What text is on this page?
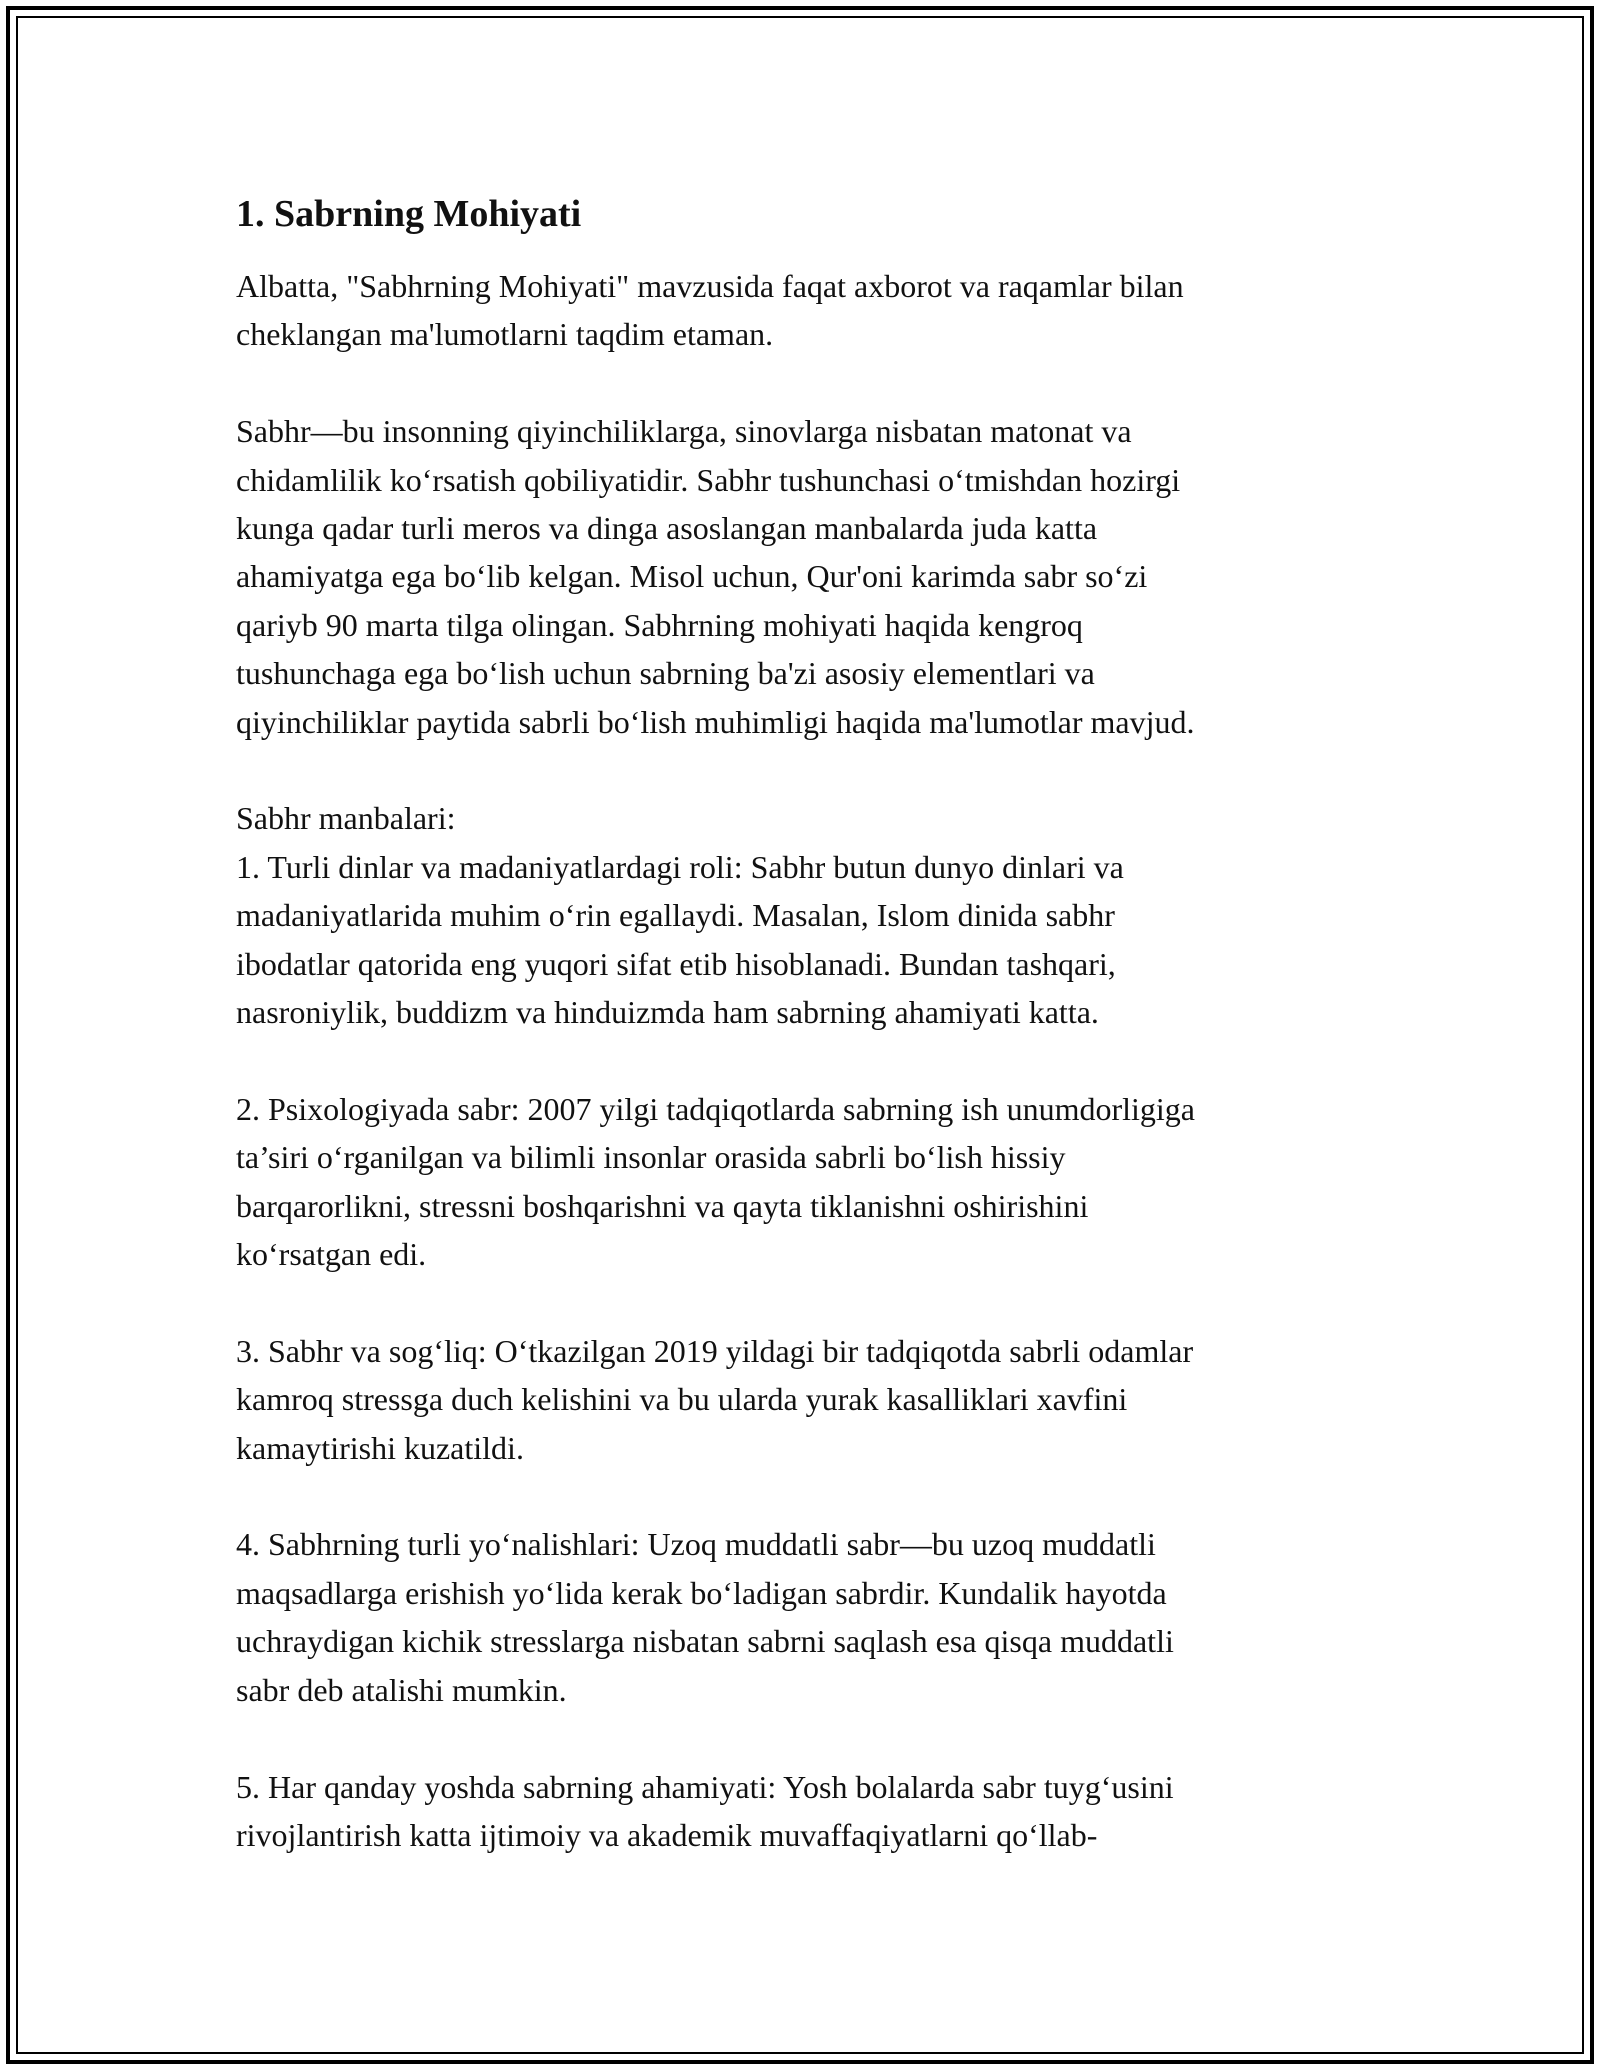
1. Sabrning Mohiyati
Albatta, "Sabhrning Mohiyati" mavzusida faqat axborot va raqamlar bilan
cheklangan ma'lumotlarni taqdim etaman.
Sabhr—bu insonning qiyinchiliklarga, sinovlarga nisbatan matonat va
chidamlilik ko‘rsatish qobiliyatidir. Sabhr tushunchasi o‘tmishdan hozirgi
kunga qadar turli meros va dinga asoslangan manbalarda juda katta
ahamiyatga ega bo‘lib kelgan. Misol uchun, Qur'oni karimda sabr so‘zi
qariyb 90 marta tilga olingan. Sabhrning mohiyati haqida kengroq
tushunchaga ega bo‘lish uchun sabrning ba'zi asosiy elementlari va
qiyinchiliklar paytida sabrli bo‘lish muhimligi haqida ma'lumotlar mavjud.
Sabhr manbalari:
1. Turli dinlar va madaniyatlardagi roli: Sabhr butun dunyo dinlari va
madaniyatlarida muhim o‘rin egallaydi. Masalan, Islom dinida sabhr
ibodatlar qatorida eng yuqori sifat etib hisoblanadi. Bundan tashqari,
nasroniylik, buddizm va hinduizmda ham sabrning ahamiyati katta.
2. Psixologiyada sabr: 2007 yilgi tadqiqotlarda sabrning ish unumdorligiga
ta’siri o‘rganilgan va bilimli insonlar orasida sabrli bo‘lish hissiy
barqarorlikni, stressni boshqarishni va qayta tiklanishni oshirishini
ko‘rsatgan edi.
3. Sabhr va sog‘liq: O‘tkazilgan 2019 yildagi bir tadqiqotda sabrli odamlar
kamroq stressga duch kelishini va bu ularda yurak kasalliklari xavfini
kamaytirishi kuzatildi.
4. Sabhrning turli yo‘nalishlari: Uzoq muddatli sabr—bu uzoq muddatli
maqsadlarga erishish yo‘lida kerak bo‘ladigan sabrdir. Kundalik hayotda
uchraydigan kichik stresslarga nisbatan sabrni saqlash esa qisqa muddatli
sabr deb atalishi mumkin.
5. Har qanday yoshda sabrning ahamiyati: Yosh bolalarda sabr tuyg‘usini
rivojlantirish katta ijtimoiy va akademik muvaffaqiyatlarni qo‘llab-
